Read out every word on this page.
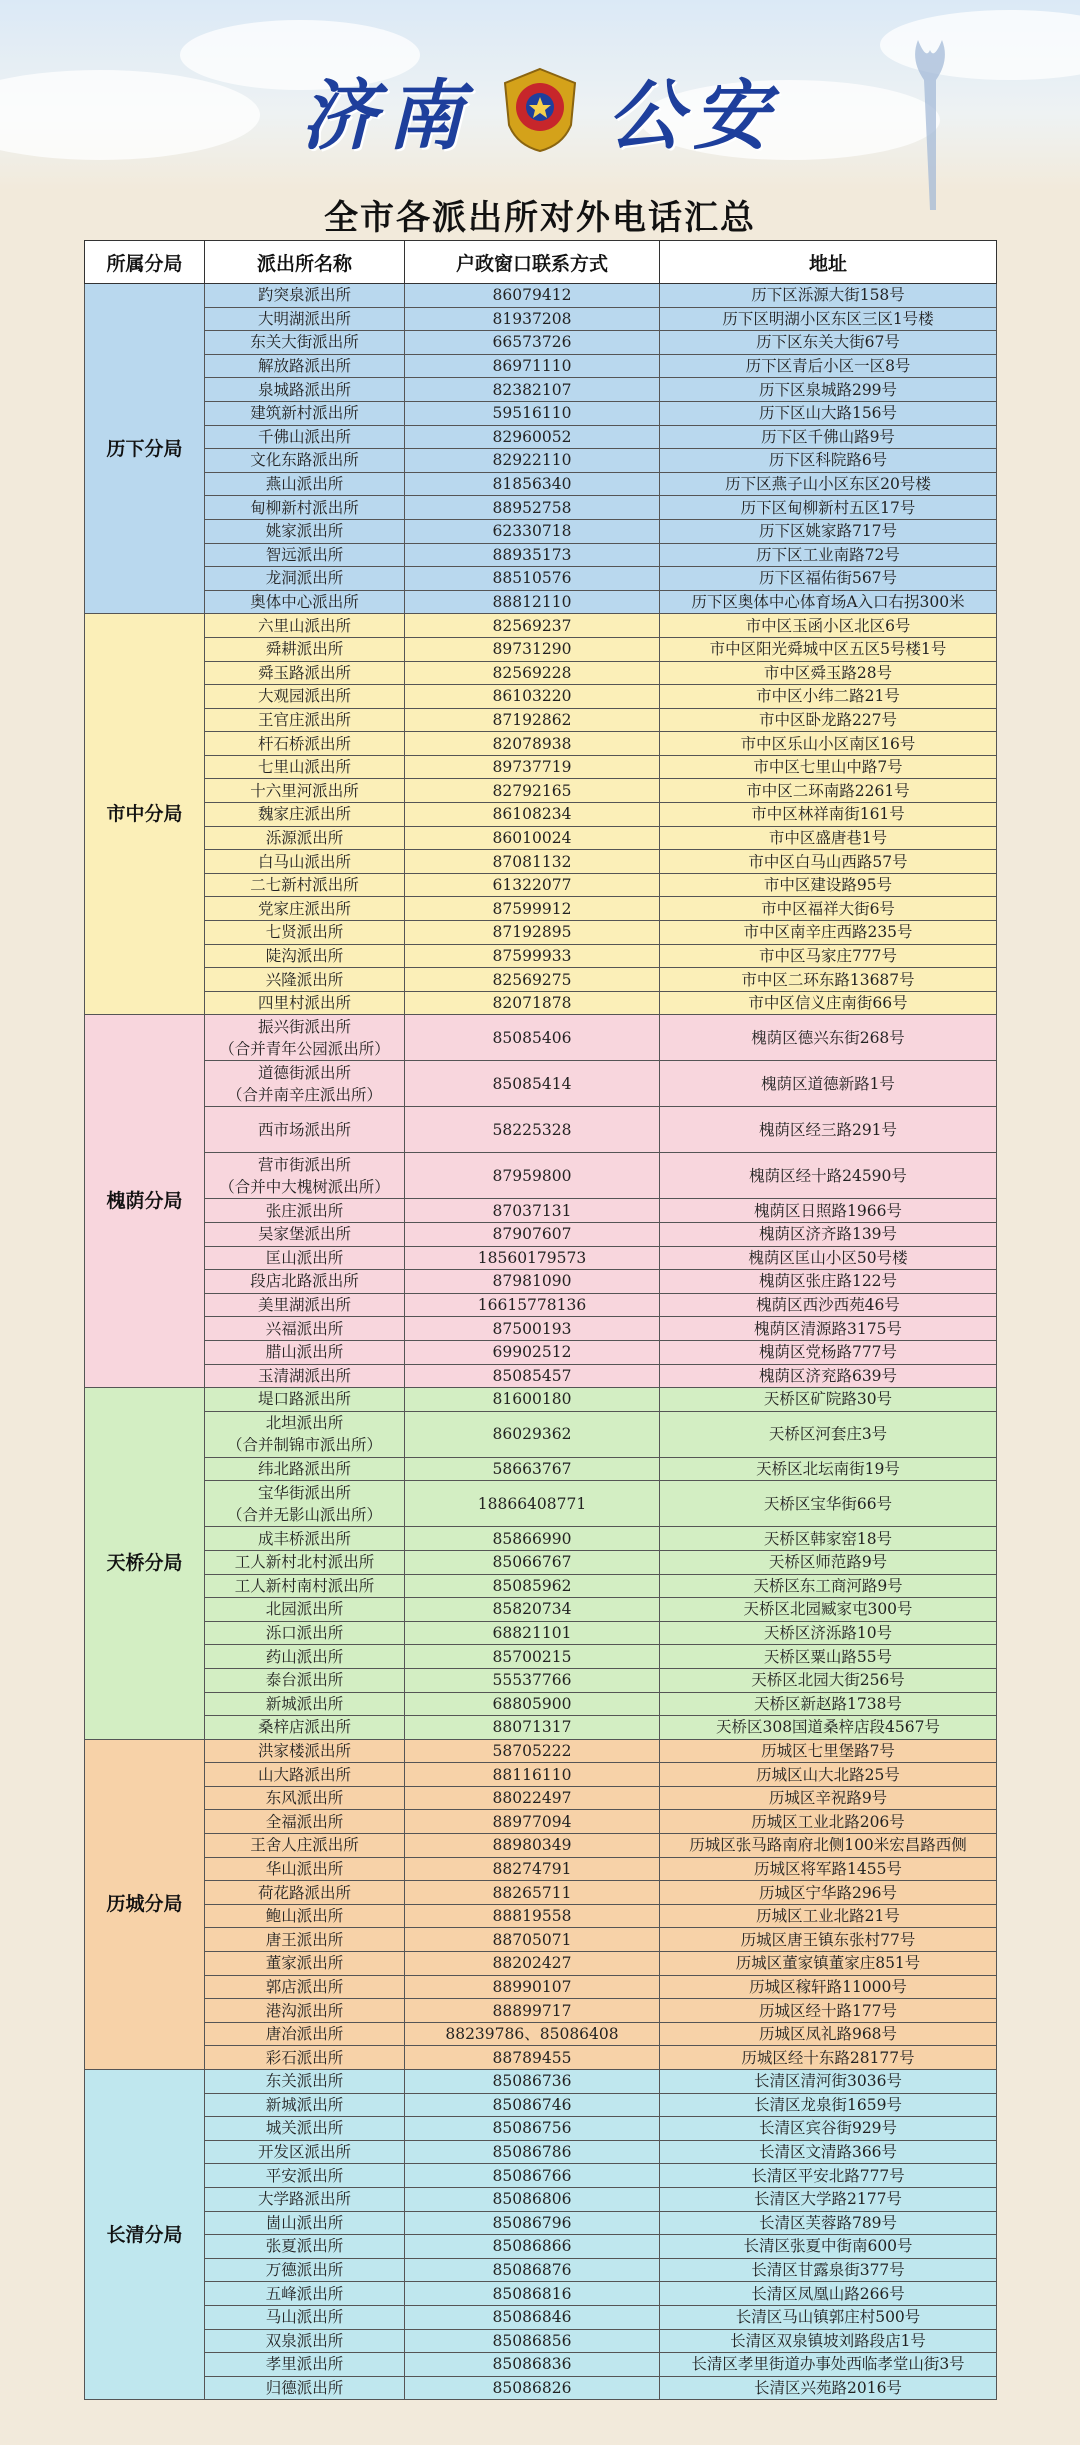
济南 公安
全市各派出所对外电话汇总
所属分局	派出所名称	户政窗口联系方式	地址
历下分局	趵突泉派出所	86079412	历下区泺源大街158号

	大明湖派出所	81937208	历下区明湖小区东区三区1号楼

	东关大街派出所	66573726	历下区东关大街67号

	解放路派出所	86971110	历下区青后小区一区8号

	泉城路派出所	82382107	历下区泉城路299号

	建筑新村派出所	59516110	历下区山大路156号

	千佛山派出所	82960052	历下区千佛山路9号

	文化东路派出所	82922110	历下区科院路6号

	燕山派出所	81856340	历下区燕子山小区东区20号楼

	甸柳新村派出所	88952758	历下区甸柳新村五区17号

	姚家派出所	62330718	历下区姚家路717号

	智远派出所	88935173	历下区工业南路72号

	龙洞派出所	88510576	历下区福佑街567号

	奥体中心派出所	88812110	历下区奥体中心体育场A入口右拐300米
市中分局	六里山派出所	82569237	市中区玉函小区北区6号

	舜耕派出所	89731290	市中区阳光舜城中区五区5号楼1号

	舜玉路派出所	82569228	市中区舜玉路28号

	大观园派出所	86103220	市中区小纬二路21号

	王官庄派出所	87192862	市中区卧龙路227号

	杆石桥派出所	82078938	市中区乐山小区南区16号

	七里山派出所	89737719	市中区七里山中路7号

	十六里河派出所	82792165	市中区二环南路2261号

	魏家庄派出所	86108234	市中区林祥南街161号

	泺源派出所	86010024	市中区盛唐巷1号

	白马山派出所	87081132	市中区白马山西路57号

	二七新村派出所	61322077	市中区建设路95号

	党家庄派出所	87599912	市中区福祥大街6号

	七贤派出所	87192895	市中区南辛庄西路235号

	陡沟派出所	87599933	市中区马家庄777号

	兴隆派出所	82569275	市中区二环东路13687号

	四里村派出所	82071878	市中区信义庄南街66号
槐荫分局	振兴街派出所
（合并青年公园派出所）	85085406	槐荫区德兴东街268号

	道德街派出所
（合并南辛庄派出所）	85085414	槐荫区道德新路1号

	西市场派出所	58225328	槐荫区经三路291号

	营市街派出所
（合并中大槐树派出所）	87959800	槐荫区经十路24590号

	张庄派出所	87037131	槐荫区日照路1966号

	吴家堡派出所	87907607	槐荫区济齐路139号

	匡山派出所	18560179573	槐荫区匡山小区50号楼

	段店北路派出所	87981090	槐荫区张庄路122号

	美里湖派出所	16615778136	槐荫区西沙西苑46号

	兴福派出所	87500193	槐荫区清源路3175号

	腊山派出所	69902512	槐荫区党杨路777号

	玉清湖派出所	85085457	槐荫区济兖路639号
天桥分局	堤口路派出所	81600180	天桥区矿院路30号

	北坦派出所
（合并制锦市派出所）	86029362	天桥区河套庄3号

	纬北路派出所	58663767	天桥区北坛南街19号

	宝华街派出所
（合并无影山派出所）	18866408771	天桥区宝华街66号

	成丰桥派出所	85866990	天桥区韩家窑18号

	工人新村北村派出所	85066767	天桥区师范路9号

	工人新村南村派出所	85085962	天桥区东工商河路9号

	北园派出所	85820734	天桥区北园臧家屯300号

	泺口派出所	68821101	天桥区济泺路10号

	药山派出所	85700215	天桥区粟山路55号

	泰台派出所	55537766	天桥区北园大街256号

	新城派出所	68805900	天桥区新赵路1738号

	桑梓店派出所	88071317	天桥区308国道桑梓店段4567号
历城分局	洪家楼派出所	58705222	历城区七里堡路7号

	山大路派出所	88116110	历城区山大北路25号

	东风派出所	88022497	历城区辛祝路9号

	全福派出所	88977094	历城区工业北路206号

	王舍人庄派出所	88980349	历城区张马路南府北侧100米宏昌路西侧

	华山派出所	88274791	历城区将军路1455号

	荷花路派出所	88265711	历城区宁华路296号

	鲍山派出所	88819558	历城区工业北路21号

	唐王派出所	88705071	历城区唐王镇东张村77号

	董家派出所	88202427	历城区董家镇董家庄851号

	郭店派出所	88990107	历城区稼轩路11000号

	港沟派出所	88899717	历城区经十路177号

	唐冶派出所	88239786、85086408	历城区凤礼路968号

	彩石派出所	88789455	历城区经十东路28177号
长清分局	东关派出所	85086736	长清区清河街3036号

	新城派出所	85086746	长清区龙泉街1659号

	城关派出所	85086756	长清区宾谷街929号

	开发区派出所	85086786	长清区文清路366号

	平安派出所	85086766	长清区平安北路777号

	大学路派出所	85086806	长清区大学路2177号

	崮山派出所	85086796	长清区芙蓉路789号

	张夏派出所	85086866	长清区张夏中街南600号

	万德派出所	85086876	长清区甘露泉街377号

	五峰派出所	85086816	长清区凤凰山路266号

	马山派出所	85086846	长清区马山镇郭庄村500号

	双泉派出所	85086856	长清区双泉镇坡刘路段店1号

	孝里派出所	85086836	长清区孝里街道办事处西临孝堂山街3号

	归德派出所	85086826	长清区兴苑路2016号
